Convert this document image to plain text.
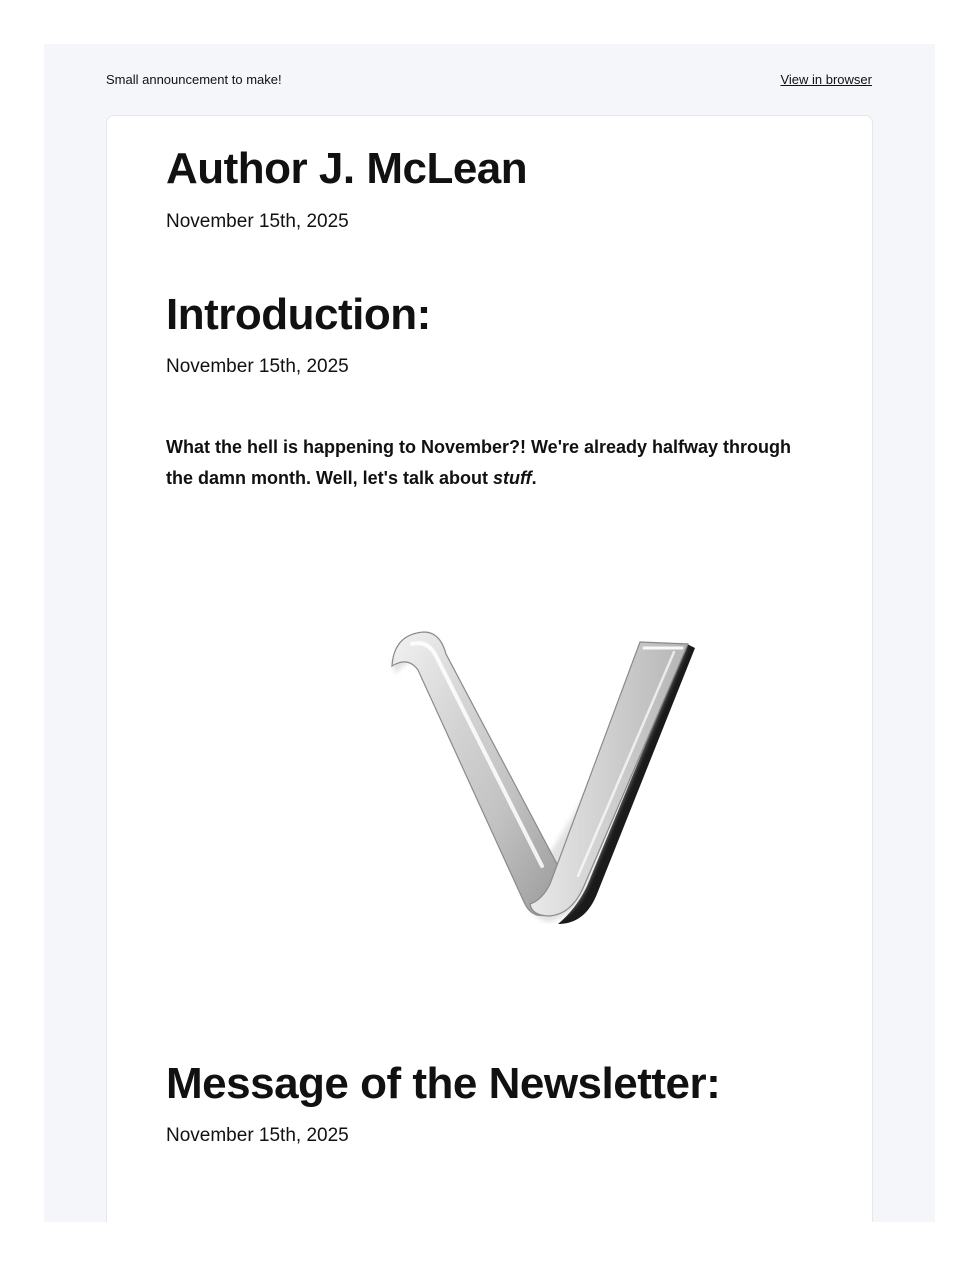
Small announcement to make!	View in browser
Author J. McLean

November 15th, 2025

Introduction:

November 15th, 2025

What the hell is happening to November?! We're already halfway through the damn month. Well, let's talk about stuff.

Message of the Newsletter:

November 15th, 2025
